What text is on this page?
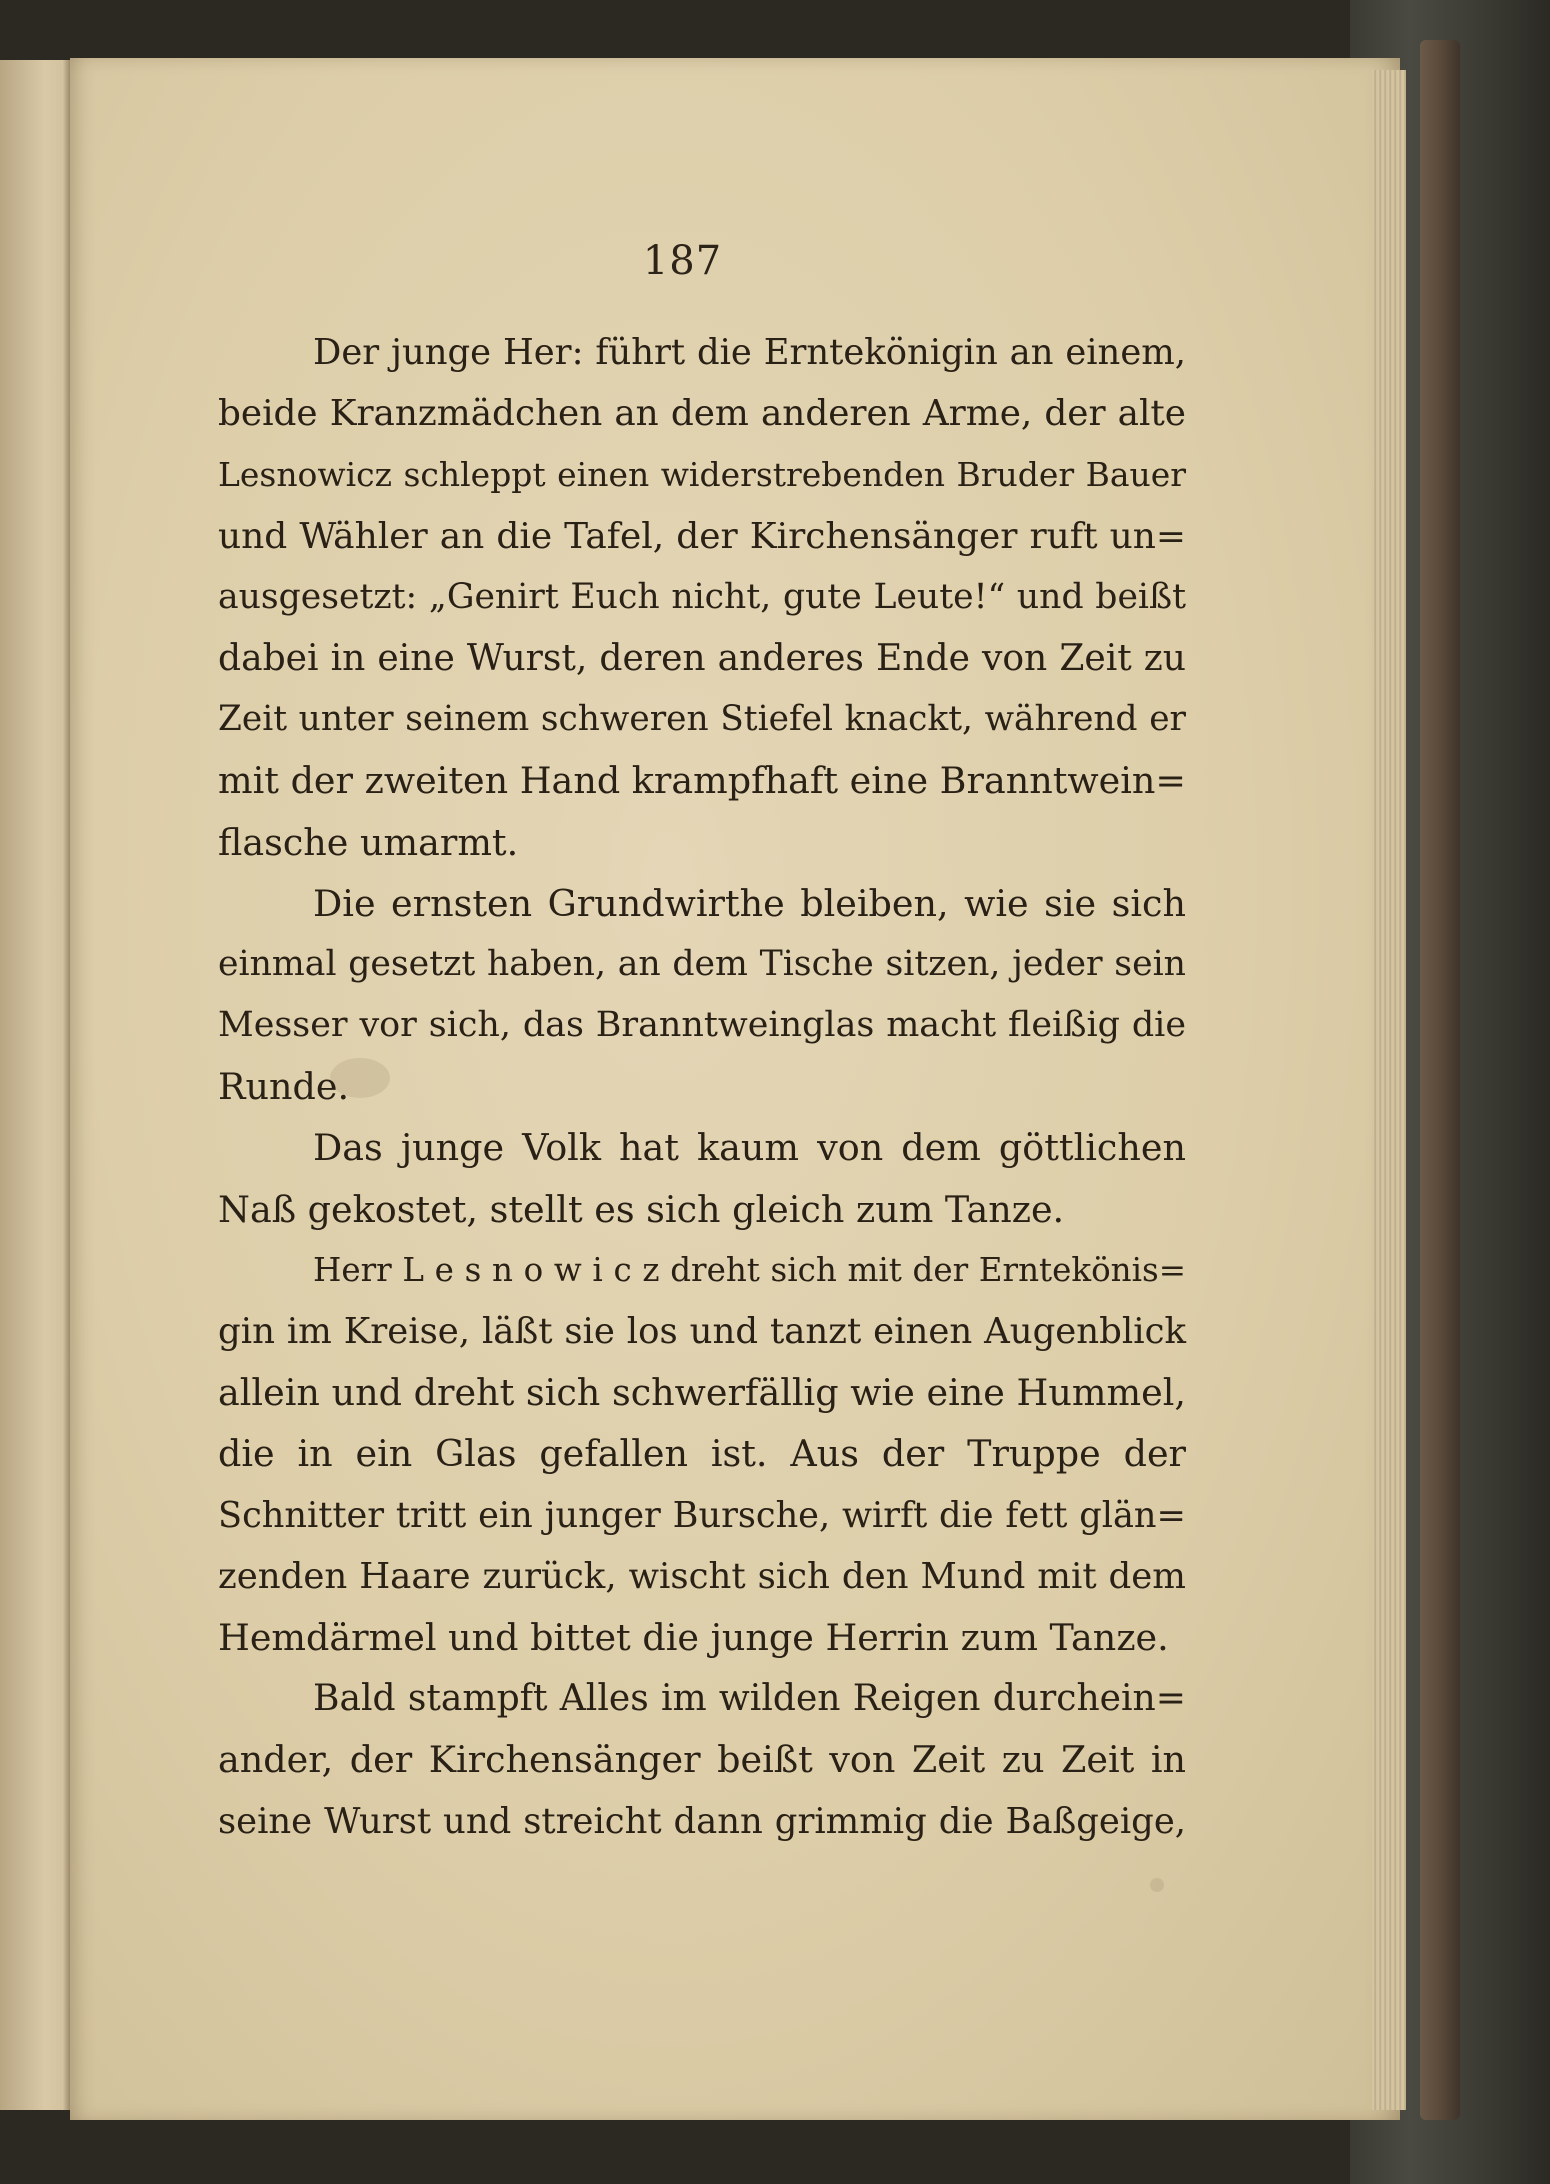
187
Der junge Her: führt die Erntekönigin an einem,
beide Kranzmädchen an dem anderen Arme, der alte
Lesnowicz schleppt einen widerstrebenden Bruder Bauer
und Wähler an die Tafel, der Kirchensänger ruft un=
ausgesetzt: „Genirt Euch nicht, gute Leute!“ und beißt
dabei in eine Wurst, deren anderes Ende von Zeit zu
Zeit unter seinem schweren Stiefel knackt, während er
mit der zweiten Hand krampfhaft eine Branntwein=
flasche umarmt.
Die ernsten Grundwirthe bleiben, wie sie sich
einmal gesetzt haben, an dem Tische sitzen, jeder sein
Messer vor sich, das Branntweinglas macht fleißig die
Runde.
Das junge Volk hat kaum von dem göttlichen
Naß gekostet, stellt es sich gleich zum Tanze.
Herr L e s n o w i c z dreht sich mit der Erntekönis=
gin im Kreise, läßt sie los und tanzt einen Augenblick
allein und dreht sich schwerfällig wie eine Hummel,
die in ein Glas gefallen ist. Aus der Truppe der
Schnitter tritt ein junger Bursche, wirft die fett glän=
zenden Haare zurück, wischt sich den Mund mit dem
Hemdärmel und bittet die junge Herrin zum Tanze.
Bald stampft Alles im wilden Reigen durchein=
ander, der Kirchensänger beißt von Zeit zu Zeit in
seine Wurst und streicht dann grimmig die Baßgeige,
